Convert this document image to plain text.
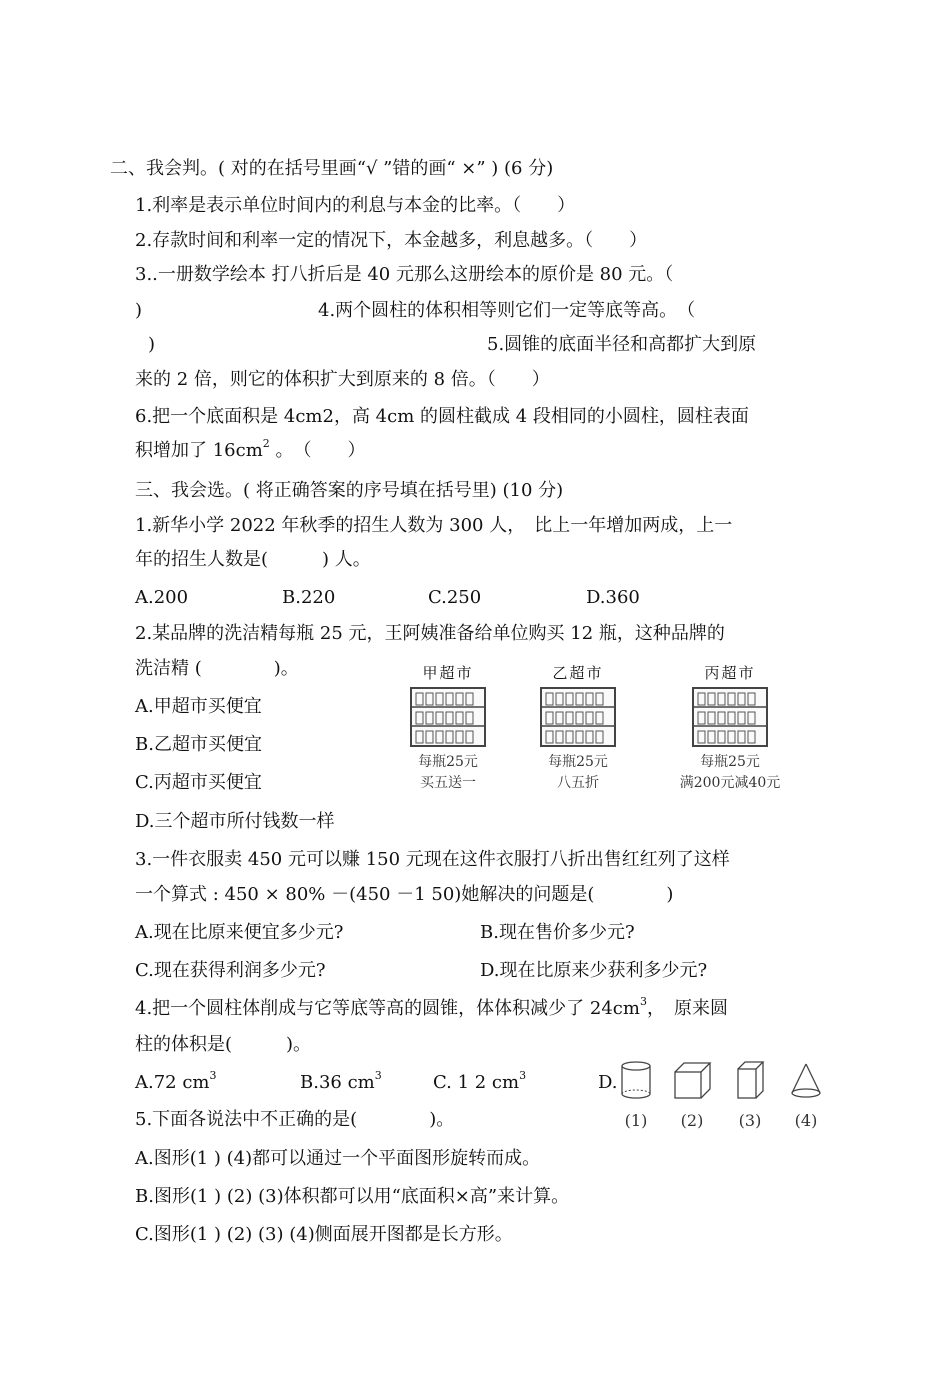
二、我会判。( 对的在括号里画“√ ”错的画“ ×” ) (6 分)
1.利率是表示单位时间内的利息与本金的比率。（　　）
2.存款时间和利率一定的情况下，本金越多，利息越多。（　　）
3..一册数学绘本 打八折后是 40 元那么这册绘本的原价是 80 元。（
)	4.两个圆柱的体积相等则它们一定等底等高。　（
)	5.圆锥的底面半径和高都扩大到原
来的 2 倍，则它的体积扩大到原来的 8 倍。（　　）
6.把一个底面积是 4cm2，高 4cm 的圆柱截成 4 段相同的小圆柱，圆柱表面
积增加了 $16cm^2$ 。　（　　）
三、我会选。( 将正确答案的序号填在括号里) (10 分)
1.新华小学 2022 年秋季的招生人数为 300 人，　比上一年增加两成，上一
年的招生人数是(　　　) 人。
A.200	B.220	C.250	D.360
2.某品牌的洗洁精每瓶 25 元，王阿姨准备给单位购买 12 瓶，这种品牌的
洗洁精 (　　　　)。
A.甲超市买便宜
B.乙超市买便宜
C.丙超市买便宜
D.三个超市所付钱数一样
甲超市
每瓶25元
买五送一
乙超市
每瓶25元
八五折
丙超市
每瓶25元
满200元减40元
3.一件衣服卖 450 元可以赚 150 元现在这件衣服打八折出售红红列了这样
一个算式 : 450 × 80% －(450 －1 50)她解决的问题是(　　　　)
A.现在比原来便宜多少元?	B.现在售价多少元?
C.现在获得利润多少元?	D.现在比原来少获利多少元?
4.把一个圆柱体削成与它等底等高的圆锥，体体积减少了 $24cm^3$，　原来圆
柱的体积是(　　　)。
A.72 $cm^3$	B.36 $cm^3$	C. 1 2 $cm^3$	D.
(1)	(2)	(3)	(4)
5.下面各说法中不正确的是(　　　　)。
A.图形(1 ) (4)都可以通过一个平面图形旋转而成。
B.图形(1 ) (2) (3)体积都可以用“底面积×高”来计算。
C.图形(1 ) (2) (3) (4)侧面展开图都是长方形。
